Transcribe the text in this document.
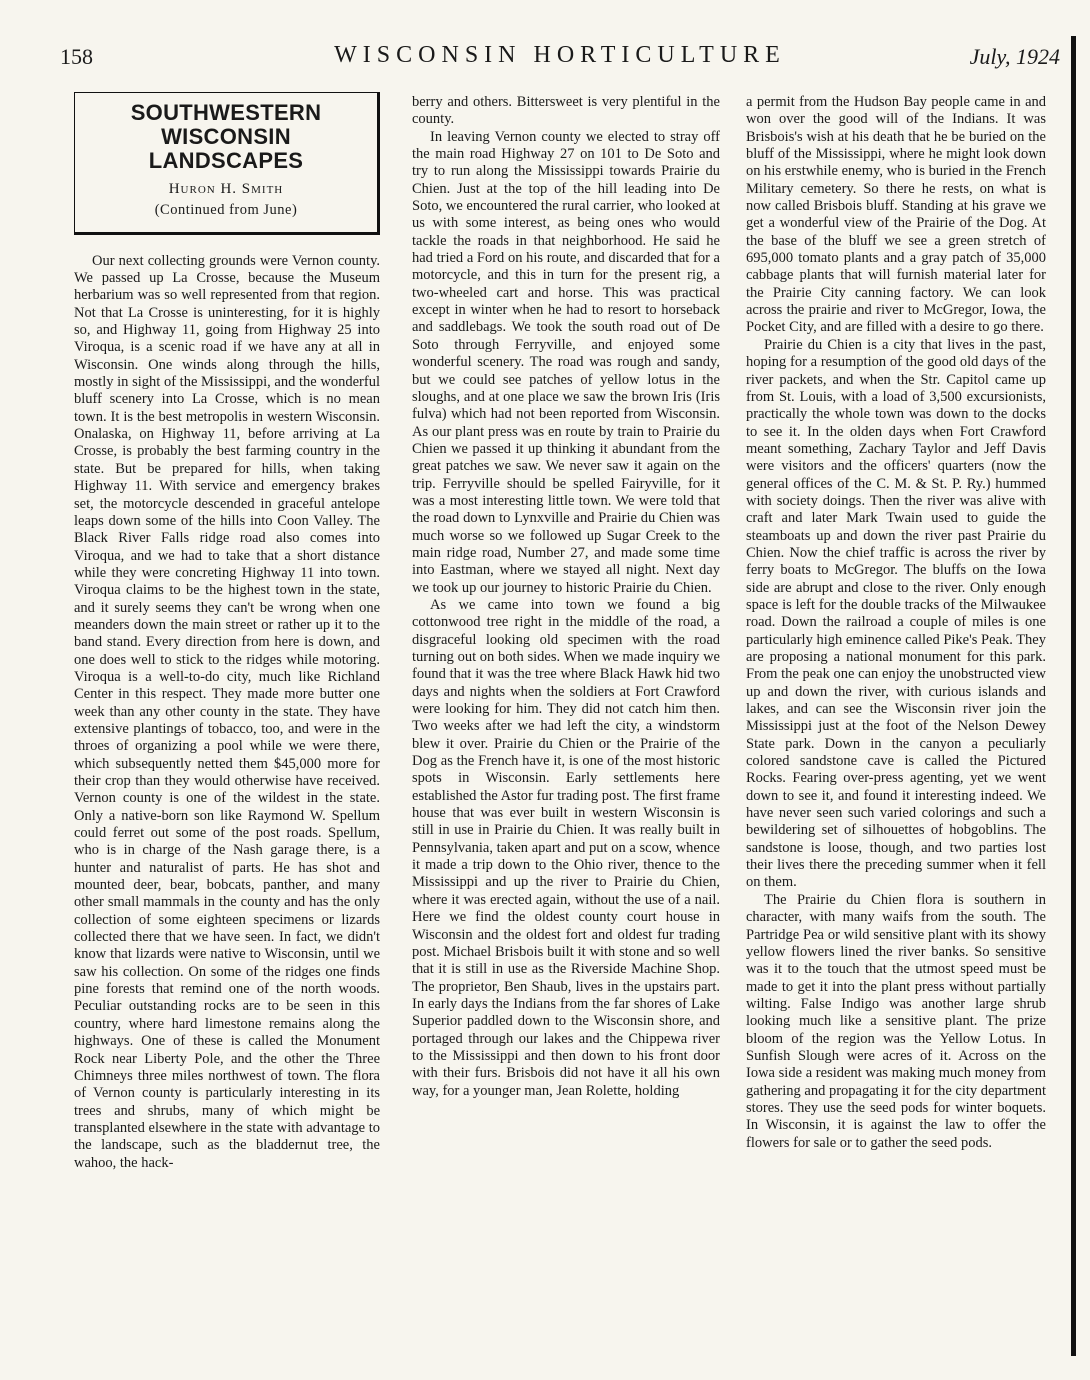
158	WISCONSIN HORTICULTURE	July, 1924
SOUTHWESTERN WISCONSIN LANDSCAPES
Huron H. Smith
(Continued from June)

Our next collecting grounds were Vernon county. We passed up La Crosse, because the Museum herbarium was so well represented from that region. Not that La Crosse is uninteresting, for it is highly so, and Highway 11, going from Highway 25 into Viroqua, is a scenic road if we have any at all in Wisconsin. One winds along through the hills, mostly in sight of the Mississippi, and the wonderful bluff scenery into La Crosse, which is no mean town. It is the best metropolis in western Wisconsin. Onalaska, on Highway 11, before arriving at La Crosse, is probably the best farming country in the state. But be prepared for hills, when taking Highway 11. With service and emergency brakes set, the motorcycle descended in graceful antelope leaps down some of the hills into Coon Valley. The Black River Falls ridge road also comes into Viroqua, and we had to take that a short distance while they were concreting Highway 11 into town. Viroqua claims to be the highest town in the state, and it surely seems they can't be wrong when one meanders down the main street or rather up it to the band stand. Every direction from here is down, and one does well to stick to the ridges while motoring. Viroqua is a well-to-do city, much like Richland Center in this respect. They made more butter one week than any other county in the state. They have extensive plantings of tobacco, too, and were in the throes of organizing a pool while we were there, which subsequently netted them $45,000 more for their crop than they would otherwise have received. Vernon county is one of the wildest in the state. Only a native-born son like Raymond W. Spellum could ferret out some of the post roads. Spellum, who is in charge of the Nash garage there, is a hunter and naturalist of parts. He has shot and mounted deer, bear, bobcats, panther, and many other small mammals in the county and has the only collection of some eighteen specimens or lizards collected there that we have seen. In fact, we didn't know that lizards were native to Wisconsin, until we saw his collection. On some of the ridges one finds pine forests that remind one of the north woods. Peculiar outstanding rocks are to be seen in this country, where hard limestone remains along the highways. One of these is called the Monument Rock near Liberty Pole, and the other the Three Chimneys three miles northwest of town. The flora of Vernon county is particularly interesting in its trees and shrubs, many of which might be transplanted elsewhere in the state with advantage to the landscape, such as the bladdernut tree, the wahoo, the hack-

berry and others. Bittersweet is very plentiful in the county.

In leaving Vernon county we elected to stray off the main road Highway 27 on 101 to De Soto and try to run along the Mississippi towards Prairie du Chien. Just at the top of the hill leading into De Soto, we encountered the rural carrier, who looked at us with some interest, as being ones who would tackle the roads in that neighborhood. He said he had tried a Ford on his route, and discarded that for a motorcycle, and this in turn for the present rig, a two-wheeled cart and horse. This was practical except in winter when he had to resort to horseback and saddlebags. We took the south road out of De Soto through Ferryville, and enjoyed some wonderful scenery. The road was rough and sandy, but we could see patches of yellow lotus in the sloughs, and at one place we saw the brown Iris (Iris fulva) which had not been reported from Wisconsin. As our plant press was en route by train to Prairie du Chien we passed it up thinking it abundant from the great patches we saw. We never saw it again on the trip. Ferryville should be spelled Fairyville, for it was a most interesting little town. We were told that the road down to Lynxville and Prairie du Chien was much worse so we followed up Sugar Creek to the main ridge road, Number 27, and made some time into Eastman, where we stayed all night. Next day we took up our journey to historic Prairie du Chien.

As we came into town we found a big cottonwood tree right in the middle of the road, a disgraceful looking old specimen with the road turning out on both sides. When we made inquiry we found that it was the tree where Black Hawk hid two days and nights when the soldiers at Fort Crawford were looking for him. They did not catch him then. Two weeks after we had left the city, a windstorm blew it over. Prairie du Chien or the Prairie of the Dog as the French have it, is one of the most historic spots in Wisconsin. Early settlements here established the Astor fur trading post. The first frame house that was ever built in western Wisconsin is still in use in Prairie du Chien. It was really built in Pennsylvania, taken apart and put on a scow, whence it made a trip down to the Ohio river, thence to the Mississippi and up the river to Prairie du Chien, where it was erected again, without the use of a nail. Here we find the oldest county court house in Wisconsin and the oldest fort and oldest fur trading post. Michael Brisbois built it with stone and so well that it is still in use as the Riverside Machine Shop. The proprietor, Ben Shaub, lives in the upstairs part. In early days the Indians from the far shores of Lake Superior paddled down to the Wisconsin shore, and portaged through our lakes and the Chippewa river to the Mississippi and then down to his front door with their furs. Brisbois did not have it all his own way, for a younger man, Jean Rolette, holding

a permit from the Hudson Bay people came in and won over the good will of the Indians. It was Brisbois's wish at his death that he be buried on the bluff of the Mississippi, where he might look down on his erstwhile enemy, who is buried in the French Military cemetery. So there he rests, on what is now called Brisbois bluff. Standing at his grave we get a wonderful view of the Prairie of the Dog. At the base of the bluff we see a green stretch of 695,000 tomato plants and a gray patch of 35,000 cabbage plants that will furnish material later for the Prairie City canning factory. We can look across the prairie and river to McGregor, Iowa, the Pocket City, and are filled with a desire to go there.

Prairie du Chien is a city that lives in the past, hoping for a resumption of the good old days of the river packets, and when the Str. Capitol came up from St. Louis, with a load of 3,500 excursionists, practically the whole town was down to the docks to see it. In the olden days when Fort Crawford meant something, Zachary Taylor and Jeff Davis were visitors and the officers' quarters (now the general offices of the C. M. & St. P. Ry.) hummed with society doings. Then the river was alive with craft and later Mark Twain used to guide the steamboats up and down the river past Prairie du Chien. Now the chief traffic is across the river by ferry boats to McGregor. The bluffs on the Iowa side are abrupt and close to the river. Only enough space is left for the double tracks of the Milwaukee road. Down the railroad a couple of miles is one particularly high eminence called Pike's Peak. They are proposing a national monument for this park. From the peak one can enjoy the unobstructed view up and down the river, with curious islands and lakes, and can see the Wisconsin river join the Mississippi just at the foot of the Nelson Dewey State park. Down in the canyon a peculiarly colored sandstone cave is called the Pictured Rocks. Fearing over-press agenting, yet we went down to see it, and found it interesting indeed. We have never seen such varied colorings and such a bewildering set of silhouettes of hobgoblins. The sandstone is loose, though, and two parties lost their lives there the preceding summer when it fell on them.

The Prairie du Chien flora is southern in character, with many waifs from the south. The Partridge Pea or wild sensitive plant with its showy yellow flowers lined the river banks. So sensitive was it to the touch that the utmost speed must be made to get it into the plant press without partially wilting. False Indigo was another large shrub looking much like a sensitive plant. The prize bloom of the region was the Yellow Lotus. In Sunfish Slough were acres of it. Across on the Iowa side a resident was making much money from gathering and propagating it for the city department stores. They use the seed pods for winter boquets. In Wisconsin, it is against the law to offer the flowers for sale or to gather the seed pods.
